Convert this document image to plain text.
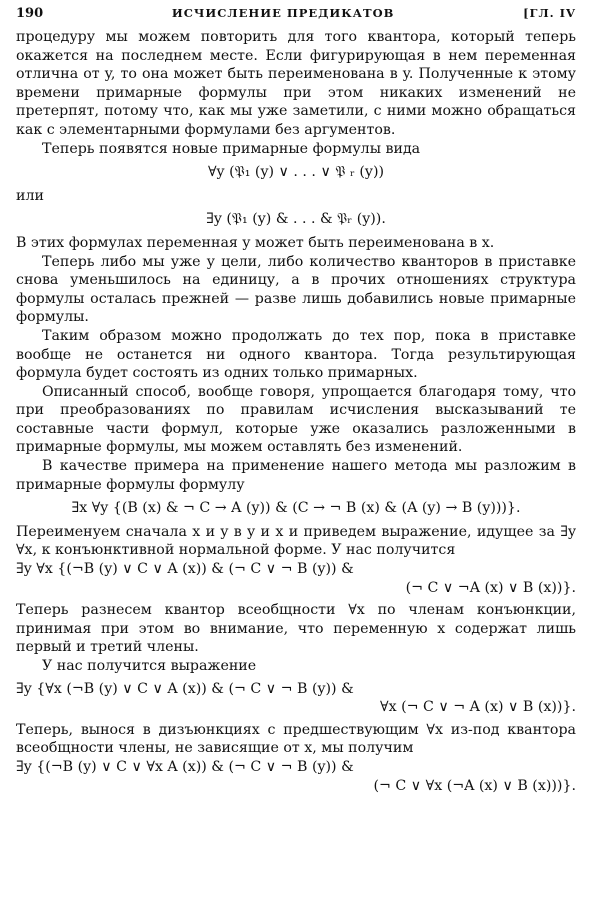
190	ИСЧИСЛЕНИЕ ПРЕДИКАТОВ	[ГЛ. IV

процедуру мы можем повторить для того квантора, который теперь окажется на последнем месте. Если фигурирующая в нем переменная отлична от y, то она может быть переименована в y. Полученные к этому времени примарные формулы при этом никаких изменений не претерпят, потому что, как мы уже заметили, с ними можно обращаться как с элементарными формулами без аргументов.

Теперь появятся новые примарные формулы вида

∀y (𝔓₁ (y) ∨ . . . ∨ 𝔓 ᵣ (y))

или

∃y (𝔓₁ (y) & . . . & 𝔓ᵣ (y)).

В этих формулах переменная y может быть переименована в x.

Теперь либо мы уже у цели, либо количество кванторов в приставке снова уменьшилось на единицу, а в прочих отношениях структура формулы осталась прежней — разве лишь добавились новые примарные формулы.

Таким образом можно продолжать до тех пор, пока в приставке вообще не останется ни одного квантора. Тогда результирующая формула будет состоять из одних только примарных.

Описанный способ, вообще говоря, упрощается благодаря тому, что при преобразованиях по правилам исчисления высказываний те составные части формул, которые уже оказались разложенными в примарные формулы, мы можем оставлять без изменений.

В качестве примера на применение нашего метода мы разложим в примарные формулы формулу

∃x ∀y {(B (x) & ¬ C → A (y)) & (C → ¬ B (x) & (A (y) → B (y)))}.

Переименуем сначала x и y в y и x и приведем выражение, идущее за ∃y ∀x, к конъюнктивной нормальной форме. У нас получится

∃y ∀x {(¬B (y) ∨ C ∨ A (x)) & (¬ C ∨ ¬ B (y)) &

(¬ C ∨ ¬A (x) ∨ B (x))}.

Теперь разнесем квантор всеобщности ∀x по членам конъюнкции, принимая при этом во внимание, что переменную x содержат лишь первый и третий члены.

У нас получится выражение

∃y {∀x (¬B (y) ∨ C ∨ A (x)) & (¬ C ∨ ¬ B (y)) &

∀x (¬ C ∨ ¬ A (x) ∨ B (x))}.

Теперь, вынося в дизъюнкциях с предшествующим ∀x из-под квантора всеобщности члены, не зависящие от x, мы получим

∃y {(¬B (y) ∨ C ∨ ∀x A (x)) & (¬ C ∨ ¬ B (y)) &

(¬ C ∨ ∀x (¬A (x) ∨ B (x)))}.
